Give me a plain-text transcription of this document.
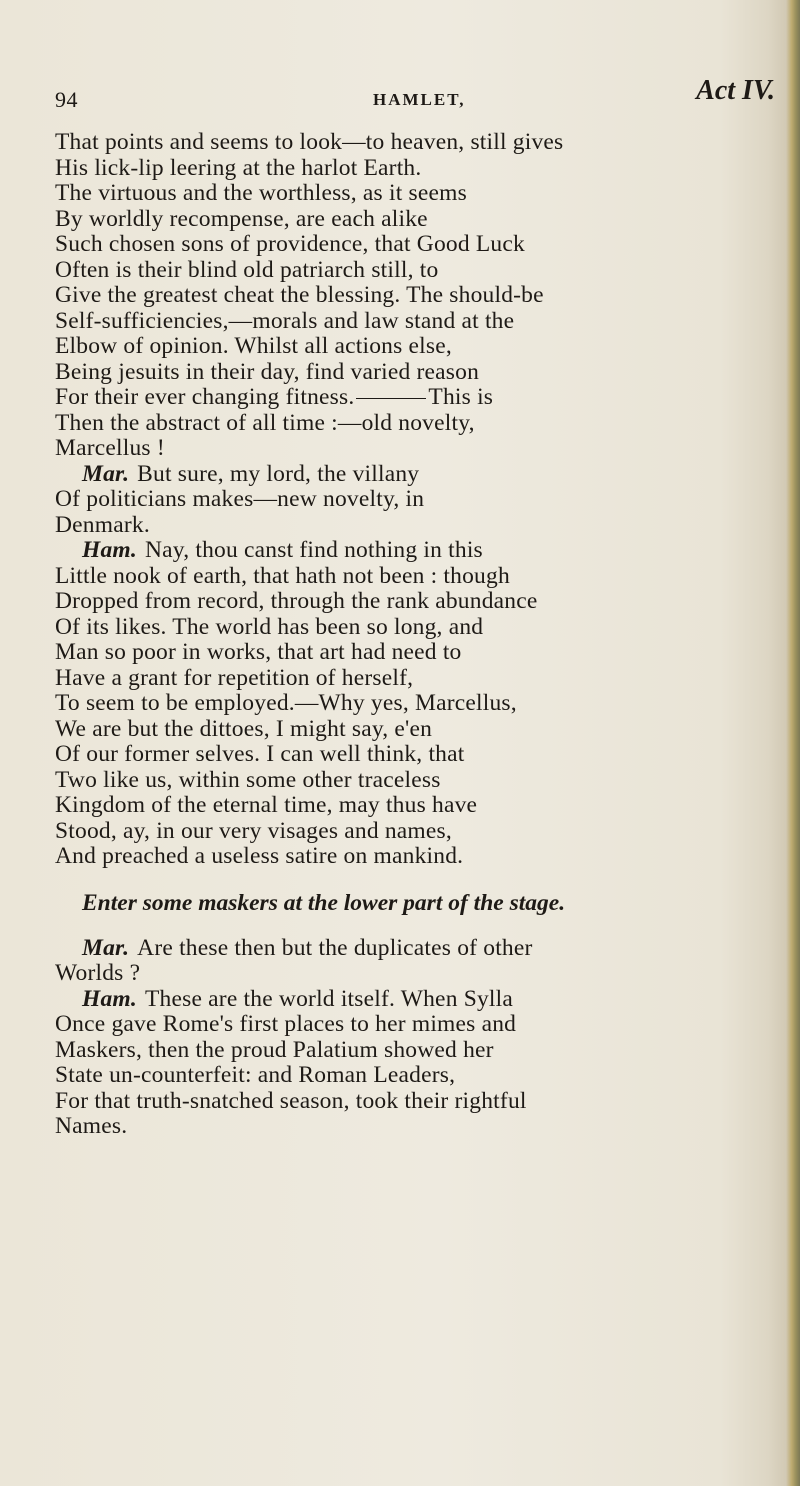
94	HAMLET,	Act IV.
That points and seems to look—to heaven, still gives
His lick-lip leering at the harlot Earth.
The virtuous and the worthless, as it seems
By worldly recompense, are each alike
Such chosen sons of providence, that Good Luck
Often is their blind old patriarch still, to
Give the greatest cheat the blessing. The should-be
Self-sufficiencies,—morals and law stand at the
Elbow of opinion. Whilst all actions else,
Being jesuits in their day, find varied reason
For their ever changing fitness.	This is
Then the abstract of all time :—old novelty,
Marcellus !
Mar. But sure, my lord, the villany
Of politicians makes—new novelty, in
Denmark.
Ham. Nay, thou canst find nothing in this
Little nook of earth, that hath not been : though
Dropped from record, through the rank abundance
Of its likes. The world has been so long, and
Man so poor in works, that art had need to
Have a grant for repetition of herself,
To seem to be employed.—Why yes, Marcellus,
We are but the dittoes, I might say, e'en
Of our former selves. I can well think, that
Two like us, within some other traceless
Kingdom of the eternal time, may thus have
Stood, ay, in our very visages and names,
And preached a useless satire on mankind.
Enter some maskers at the lower part of the stage.
Mar. Are these then but the duplicates of other
Worlds ?
Ham. These are the world itself. When Sylla
Once gave Rome's first places to her mimes and
Maskers, then the proud Palatium showed her
State un-counterfeit: and Roman Leaders,
For that truth-snatched season, took their rightful
Names.
